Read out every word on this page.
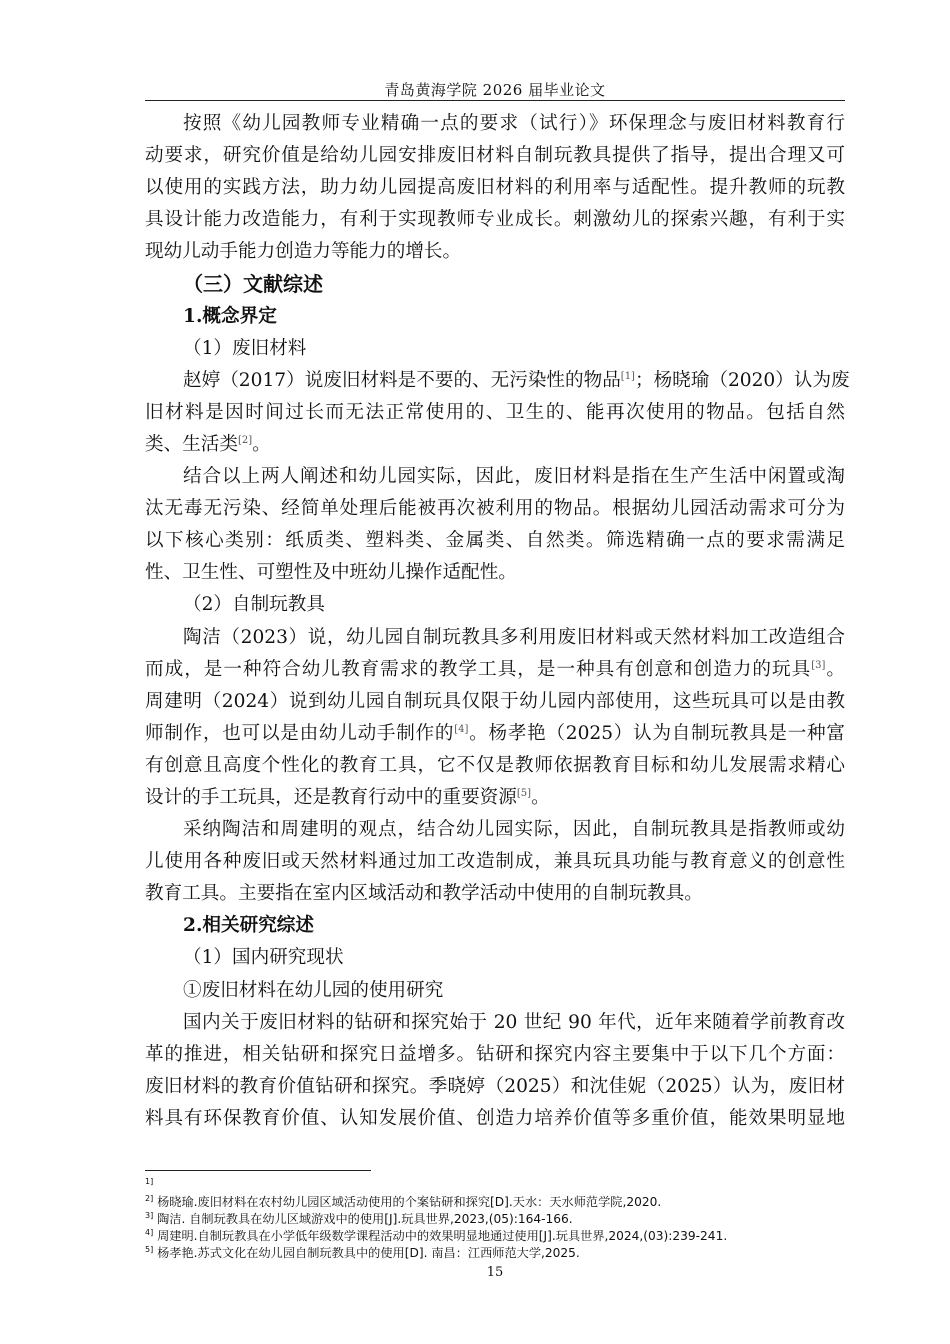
青岛黄海学院 2026 届毕业论文
按照《幼儿园教师专业精确一点的要求（试行）》环保理念与废旧材料教育行
动要求，研究价值是给幼儿园安排废旧材料自制玩教具提供了指导，提出合理又可
以使用的实践方法，助力幼儿园提高废旧材料的利用率与适配性。提升教师的玩教
具设计能力改造能力，有利于实现教师专业成长。刺激幼儿的探索兴趣，有利于实
现幼儿动手能力创造力等能力的增长。
（三）文献综述
1.概念界定
（1）废旧材料
赵婷（2017）说废旧材料是不要的、无污染性的物品[1]；杨晓瑜（2020）认为废
旧材料是因时间过长而无法正常使用的、卫生的、能再次使用的物品。包括自然
类、生活类[2]。
结合以上两人阐述和幼儿园实际，因此，废旧材料是指在生产生活中闲置或淘
汰无毒无污染、经简单处理后能被再次被利用的物品。根据幼儿园活动需求可分为
以下核心类别：纸质类、塑料类、金属类、自然类。筛选精确一点的要求需满足
性、卫生性、可塑性及中班幼儿操作适配性。
（2）自制玩教具
陶洁（2023）说，幼儿园自制玩教具多利用废旧材料或天然材料加工改造组合
而成，是一种符合幼儿教育需求的教学工具，是一种具有创意和创造力的玩具[3]。
周建明（2024）说到幼儿园自制玩具仅限于幼儿园内部使用，这些玩具可以是由教
师制作，也可以是由幼儿动手制作的[4]。杨孝艳（2025）认为自制玩教具是一种富
有创意且高度个性化的教育工具，它不仅是教师依据教育目标和幼儿发展需求精心
设计的手工玩具，还是教育行动中的重要资源[5]。
采纳陶洁和周建明的观点，结合幼儿园实际，因此，自制玩教具是指教师或幼
儿使用各种废旧或天然材料通过加工改造制成，兼具玩具功能与教育意义的创意性
教育工具。主要指在室内区域活动和教学活动中使用的自制玩教具。
2.相关研究综述
（1）国内研究现状
①废旧材料在幼儿园的使用研究
国内关于废旧材料的钻研和探究始于 20 世纪 90 年代，近年来随着学前教育改
革的推进，相关钻研和探究日益增多。钻研和探究内容主要集中于以下几个方面：
废旧材料的教育价值钻研和探究。季晓婷（2025）和沈佳妮（2025）认为，废旧材
料具有环保教育价值、认知发展价值、创造力培养价值等多重价值，能效果明显地
$^{1]}$
$^{2]}$ 杨晓瑜.废旧材料在农村幼儿园区域活动使用的个案钻研和探究[D].天水：天水师范学院,2020.
$^{3]}$ 陶洁. 自制玩教具在幼儿区域游戏中的使用[J].玩具世界,2023,(05):164-166.
$^{4]}$ 周建明.自制玩教具在小学低年级数学课程活动中的效果明显地通过使用[J].玩具世界,2024,(03):239-241.
$^{5]}$ 杨孝艳.苏式文化在幼儿园自制玩教具中的使用[D]. 南昌：江西师范大学,2025.
15
